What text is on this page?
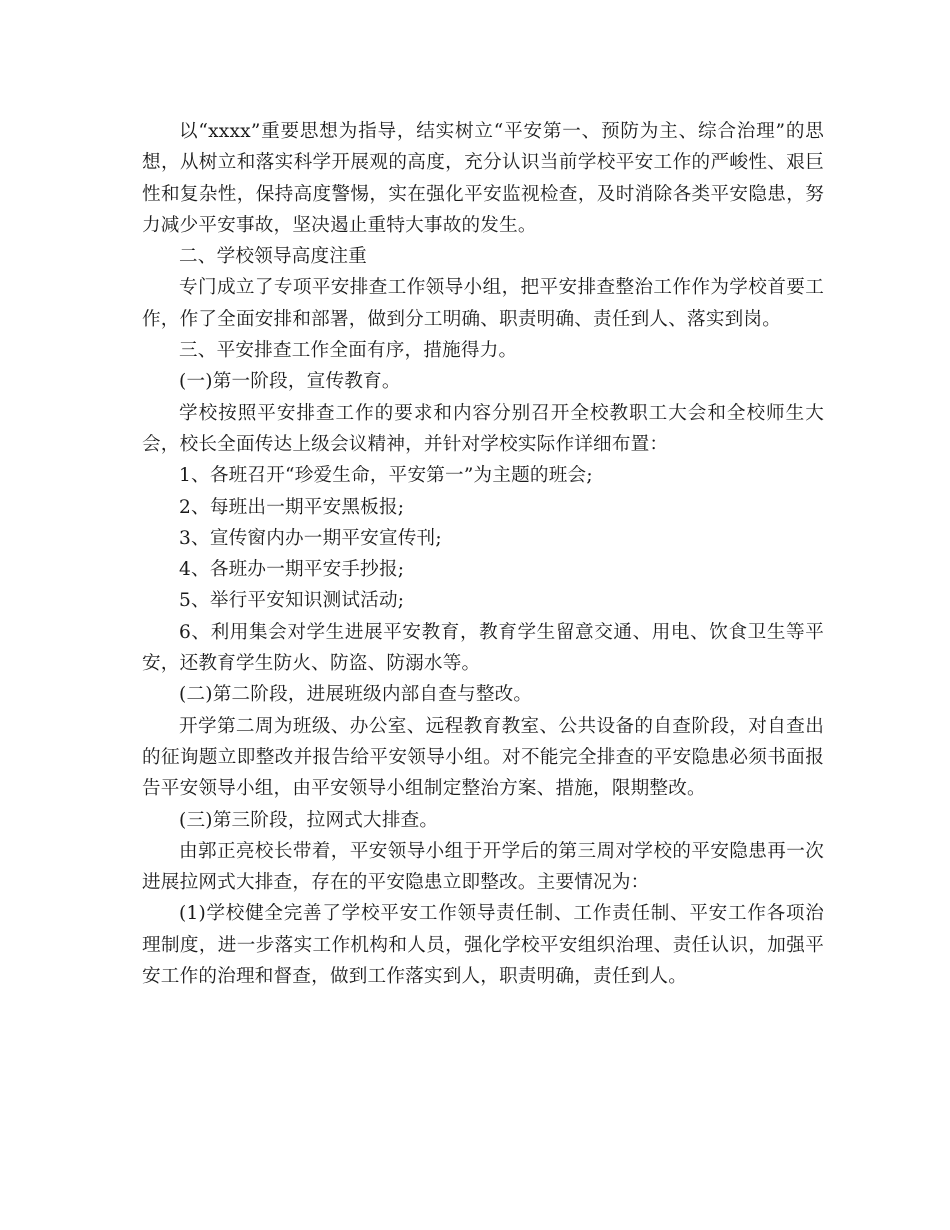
以“xxxx”重要思想为指导，结实树立“平安第一、预防为主、综合治理”的思想，从树立和落实科学开展观的高度，充分认识当前学校平安工作的严峻性、艰巨性和复杂性，保持高度警惕，实在强化平安监视检查，及时消除各类平安隐患，努力减少平安事故，坚决遏止重特大事故的发生。

二、学校领导高度注重

专门成立了专项平安排查工作领导小组，把平安排查整治工作作为学校首要工作，作了全面安排和部署，做到分工明确、职责明确、责任到人、落实到岗。

三、平安排查工作全面有序，措施得力。

(一)第一阶段，宣传教育。

学校按照平安排查工作的要求和内容分别召开全校教职工大会和全校师生大会，校长全面传达上级会议精神，并针对学校实际作详细布置：

1、各班召开“珍爱生命，平安第一”为主题的班会;

2、每班出一期平安黑板报;

3、宣传窗内办一期平安宣传刊;

4、各班办一期平安手抄报;

5、举行平安知识测试活动;

6、利用集会对学生进展平安教育，教育学生留意交通、用电、饮食卫生等平安，还教育学生防火、防盗、防溺水等。

(二)第二阶段，进展班级内部自查与整改。

开学第二周为班级、办公室、远程教育教室、公共设备的自查阶段，对自查出的征询题立即整改并报告给平安领导小组。对不能完全排查的平安隐患必须书面报告平安领导小组，由平安领导小组制定整治方案、措施，限期整改。

(三)第三阶段，拉网式大排查。

由郭正亮校长带着，平安领导小组于开学后的第三周对学校的平安隐患再一次进展拉网式大排查，存在的平安隐患立即整改。主要情况为：

(1)学校健全完善了学校平安工作领导责任制、工作责任制、平安工作各项治理制度，进一步落实工作机构和人员，强化学校平安组织治理、责任认识，加强平安工作的治理和督查，做到工作落实到人，职责明确，责任到人。
